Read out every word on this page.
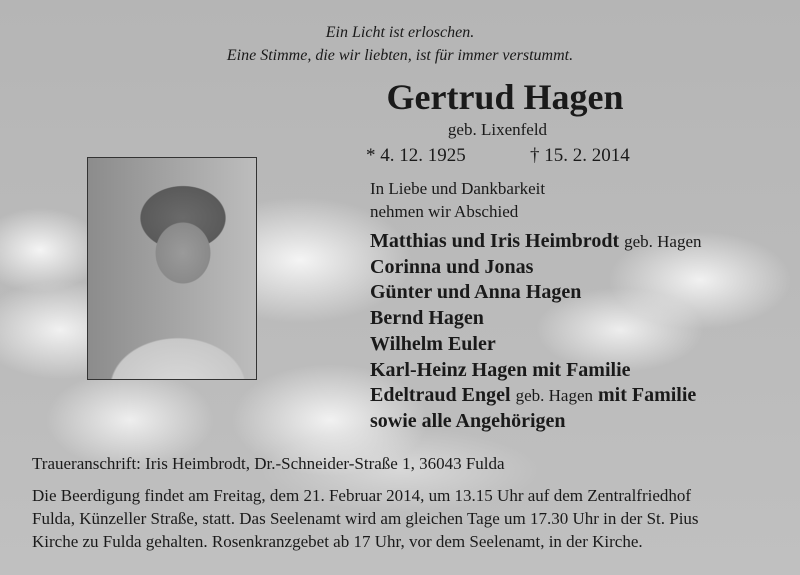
Ein Licht ist erloschen.
Eine Stimme, die wir liebten, ist für immer verstummt.
Gertrud Hagen
geb. Lixenfeld
* 4. 12. 1925	† 15. 2. 2014
In Liebe und Dankbarkeit
nehmen wir Abschied
Matthias und Iris Heimbrodt geb. Hagen
Corinna und Jonas
Günter und Anna Hagen
Bernd Hagen
Wilhelm Euler
Karl-Heinz Hagen mit Familie
Edeltraud Engel geb. Hagen mit Familie
sowie alle Angehörigen
Traueranschrift: Iris Heimbrodt, Dr.-Schneider-Straße 1, 36043 Fulda
Die Beerdigung findet am Freitag, dem 21. Februar 2014, um 13.15 Uhr auf dem Zentralfriedhof
Fulda, Künzeller Straße, statt. Das Seelenamt wird am gleichen Tage um 17.30 Uhr in der St. Pius
Kirche zu Fulda gehalten. Rosenkranzgebet ab 17 Uhr, vor dem Seelenamt, in der Kirche.
